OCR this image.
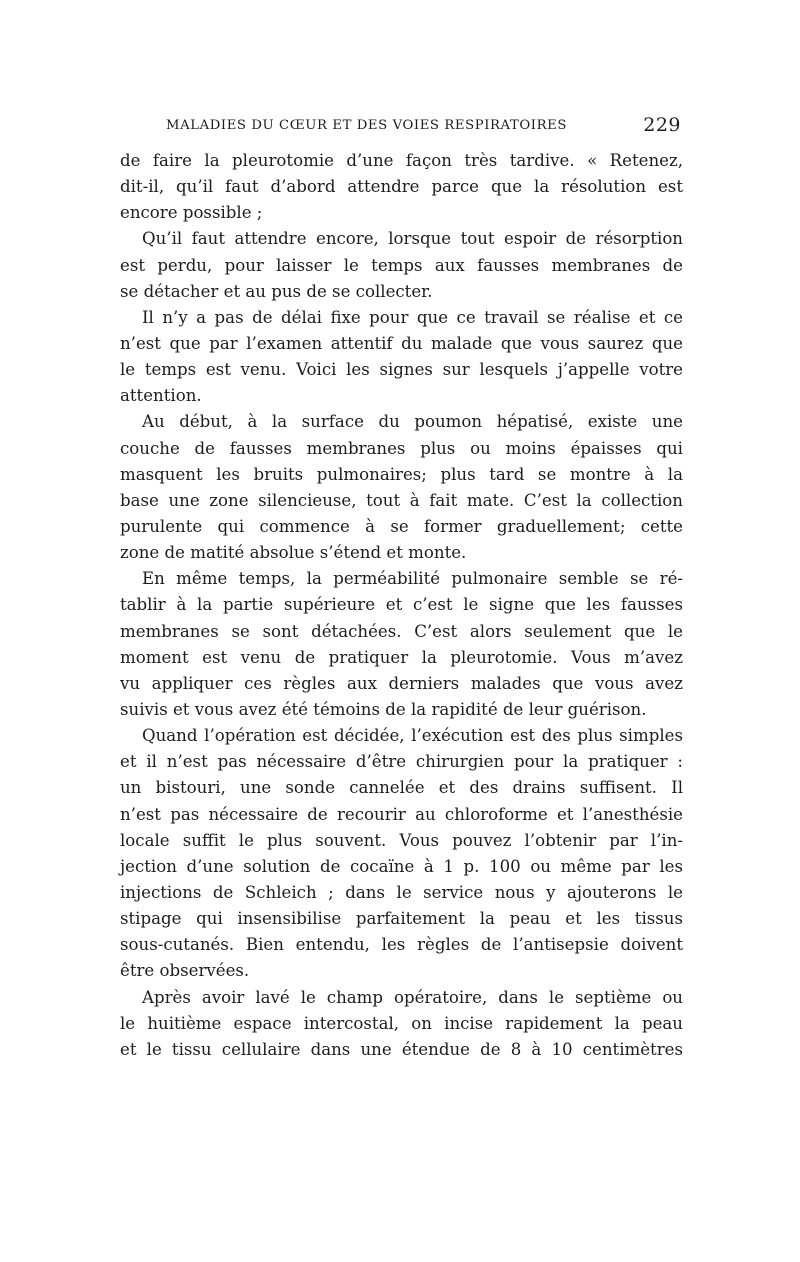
MALADIES DU CŒUR ET DES VOIES RESPIRATOIRES	229
de faire la pleurotomie d’une façon très tardive. « Retenez,
dit-il, qu’il faut d’abord attendre parce que la résolution est
encore possible ;
Qu’il faut attendre encore, lorsque tout espoir de résorption
est perdu, pour laisser le temps aux fausses membranes de
se détacher et au pus de se collecter.
Il n’y a pas de délai fixe pour que ce travail se réalise et ce
n’est que par l’examen attentif du malade que vous saurez que
le temps est venu. Voici les signes sur lesquels j’appelle votre
attention.
Au début, à la surface du poumon hépatisé, existe une
couche de fausses membranes plus ou moins épaisses qui
masquent les bruits pulmonaires; plus tard se montre à la
base une zone silencieuse, tout à fait mate. C’est la collection
purulente qui commence à se former graduellement; cette
zone de matité absolue s’étend et monte.
En même temps, la perméabilité pulmonaire semble se ré-
tablir à la partie supérieure et c’est le signe que les fausses
membranes se sont détachées. C’est alors seulement que le
moment est venu de pratiquer la pleurotomie. Vous m’avez
vu appliquer ces règles aux derniers malades que vous avez
suivis et vous avez été témoins de la rapidité de leur guérison.
Quand l’opération est décidée, l’exécution est des plus simples
et il n’est pas nécessaire d’être chirurgien pour la pratiquer :
un bistouri, une sonde cannelée et des drains suffisent. Il
n’est pas nécessaire de recourir au chloroforme et l’anesthésie
locale suffit le plus souvent. Vous pouvez l’obtenir par l’in-
jection d’une solution de cocaïne à 1 p. 100 ou même par les
injections de Schleich ; dans le service nous y ajouterons le
stipage qui insensibilise parfaitement la peau et les tissus
sous-cutanés. Bien entendu, les règles de l’antisepsie doivent
être observées.
Après avoir lavé le champ opératoire, dans le septième ou
le huitième espace intercostal, on incise rapidement la peau
et le tissu cellulaire dans une étendue de 8 à 10 centimètres
